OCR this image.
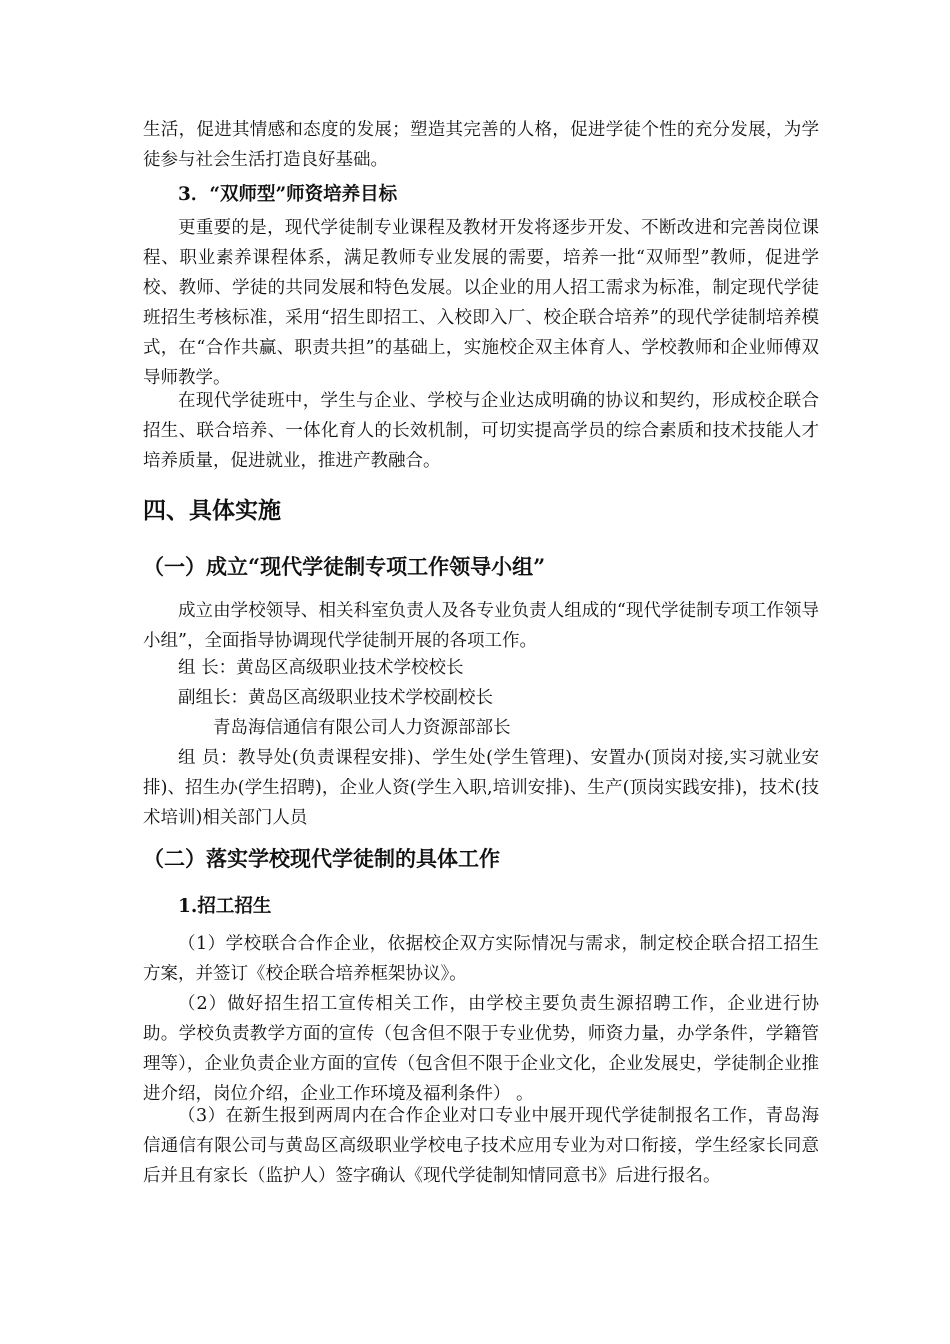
生活，促进其情感和态度的发展；塑造其完善的人格，促进学徒个性的充分发展，为学徒参与社会生活打造良好基础。

3．“双师型”师资培养目标

更重要的是，现代学徒制专业课程及教材开发将逐步开发、不断改进和完善岗位课程、职业素养课程体系，满足教师专业发展的需要，培养一批“双师型”教师，促进学校、教师、学徒的共同发展和特色发展。以企业的用人招工需求为标准，制定现代学徒班招生考核标准，采用“招生即招工、入校即入厂、校企联合培养”的现代学徒制培养模式，在“合作共赢、职责共担”的基础上，实施校企双主体育人、学校教师和企业师傅双导师教学。

在现代学徒班中，学生与企业、学校与企业达成明确的协议和契约，形成校企联合招生、联合培养、一体化育人的长效机制，可切实提高学员的综合素质和技术技能人才培养质量，促进就业，推进产教融合。

四、具体实施
（一）成立“现代学徒制专项工作领导小组”

成立由学校领导、相关科室负责人及各专业负责人组成的“现代学徒制专项工作领导小组”，全面指导协调现代学徒制开展的各项工作。

组 长：黄岛区高级职业技术学校校长
副组长：黄岛区高级职业技术学校副校长
青岛海信通信有限公司人力资源部部长

组 员：教导处(负责课程安排)、学生处(学生管理)、安置办(顶岗对接,实习就业安排)、招生办(学生招聘)，企业人资(学生入职,培训安排)、生产(顶岗实践安排)，技术(技术培训)相关部门人员

（二）落实学校现代学徒制的具体工作
1.招工招生

（1）学校联合合作企业，依据校企双方实际情况与需求，制定校企联合招工招生方案，并签订《校企联合培养框架协议》。

（2）做好招生招工宣传相关工作，由学校主要负责生源招聘工作，企业进行协助。学校负责教学方面的宣传（包含但不限于专业优势，师资力量，办学条件，学籍管理等），企业负责企业方面的宣传（包含但不限于企业文化，企业发展史，学徒制企业推进介绍，岗位介绍，企业工作环境及福利条件） 。

（3）在新生报到两周内在合作企业对口专业中展开现代学徒制报名工作，青岛海信通信有限公司与黄岛区高级职业学校电子技术应用专业为对口衔接，学生经家长同意后并且有家长（监护人）签字确认《现代学徒制知情同意书》后进行报名。
